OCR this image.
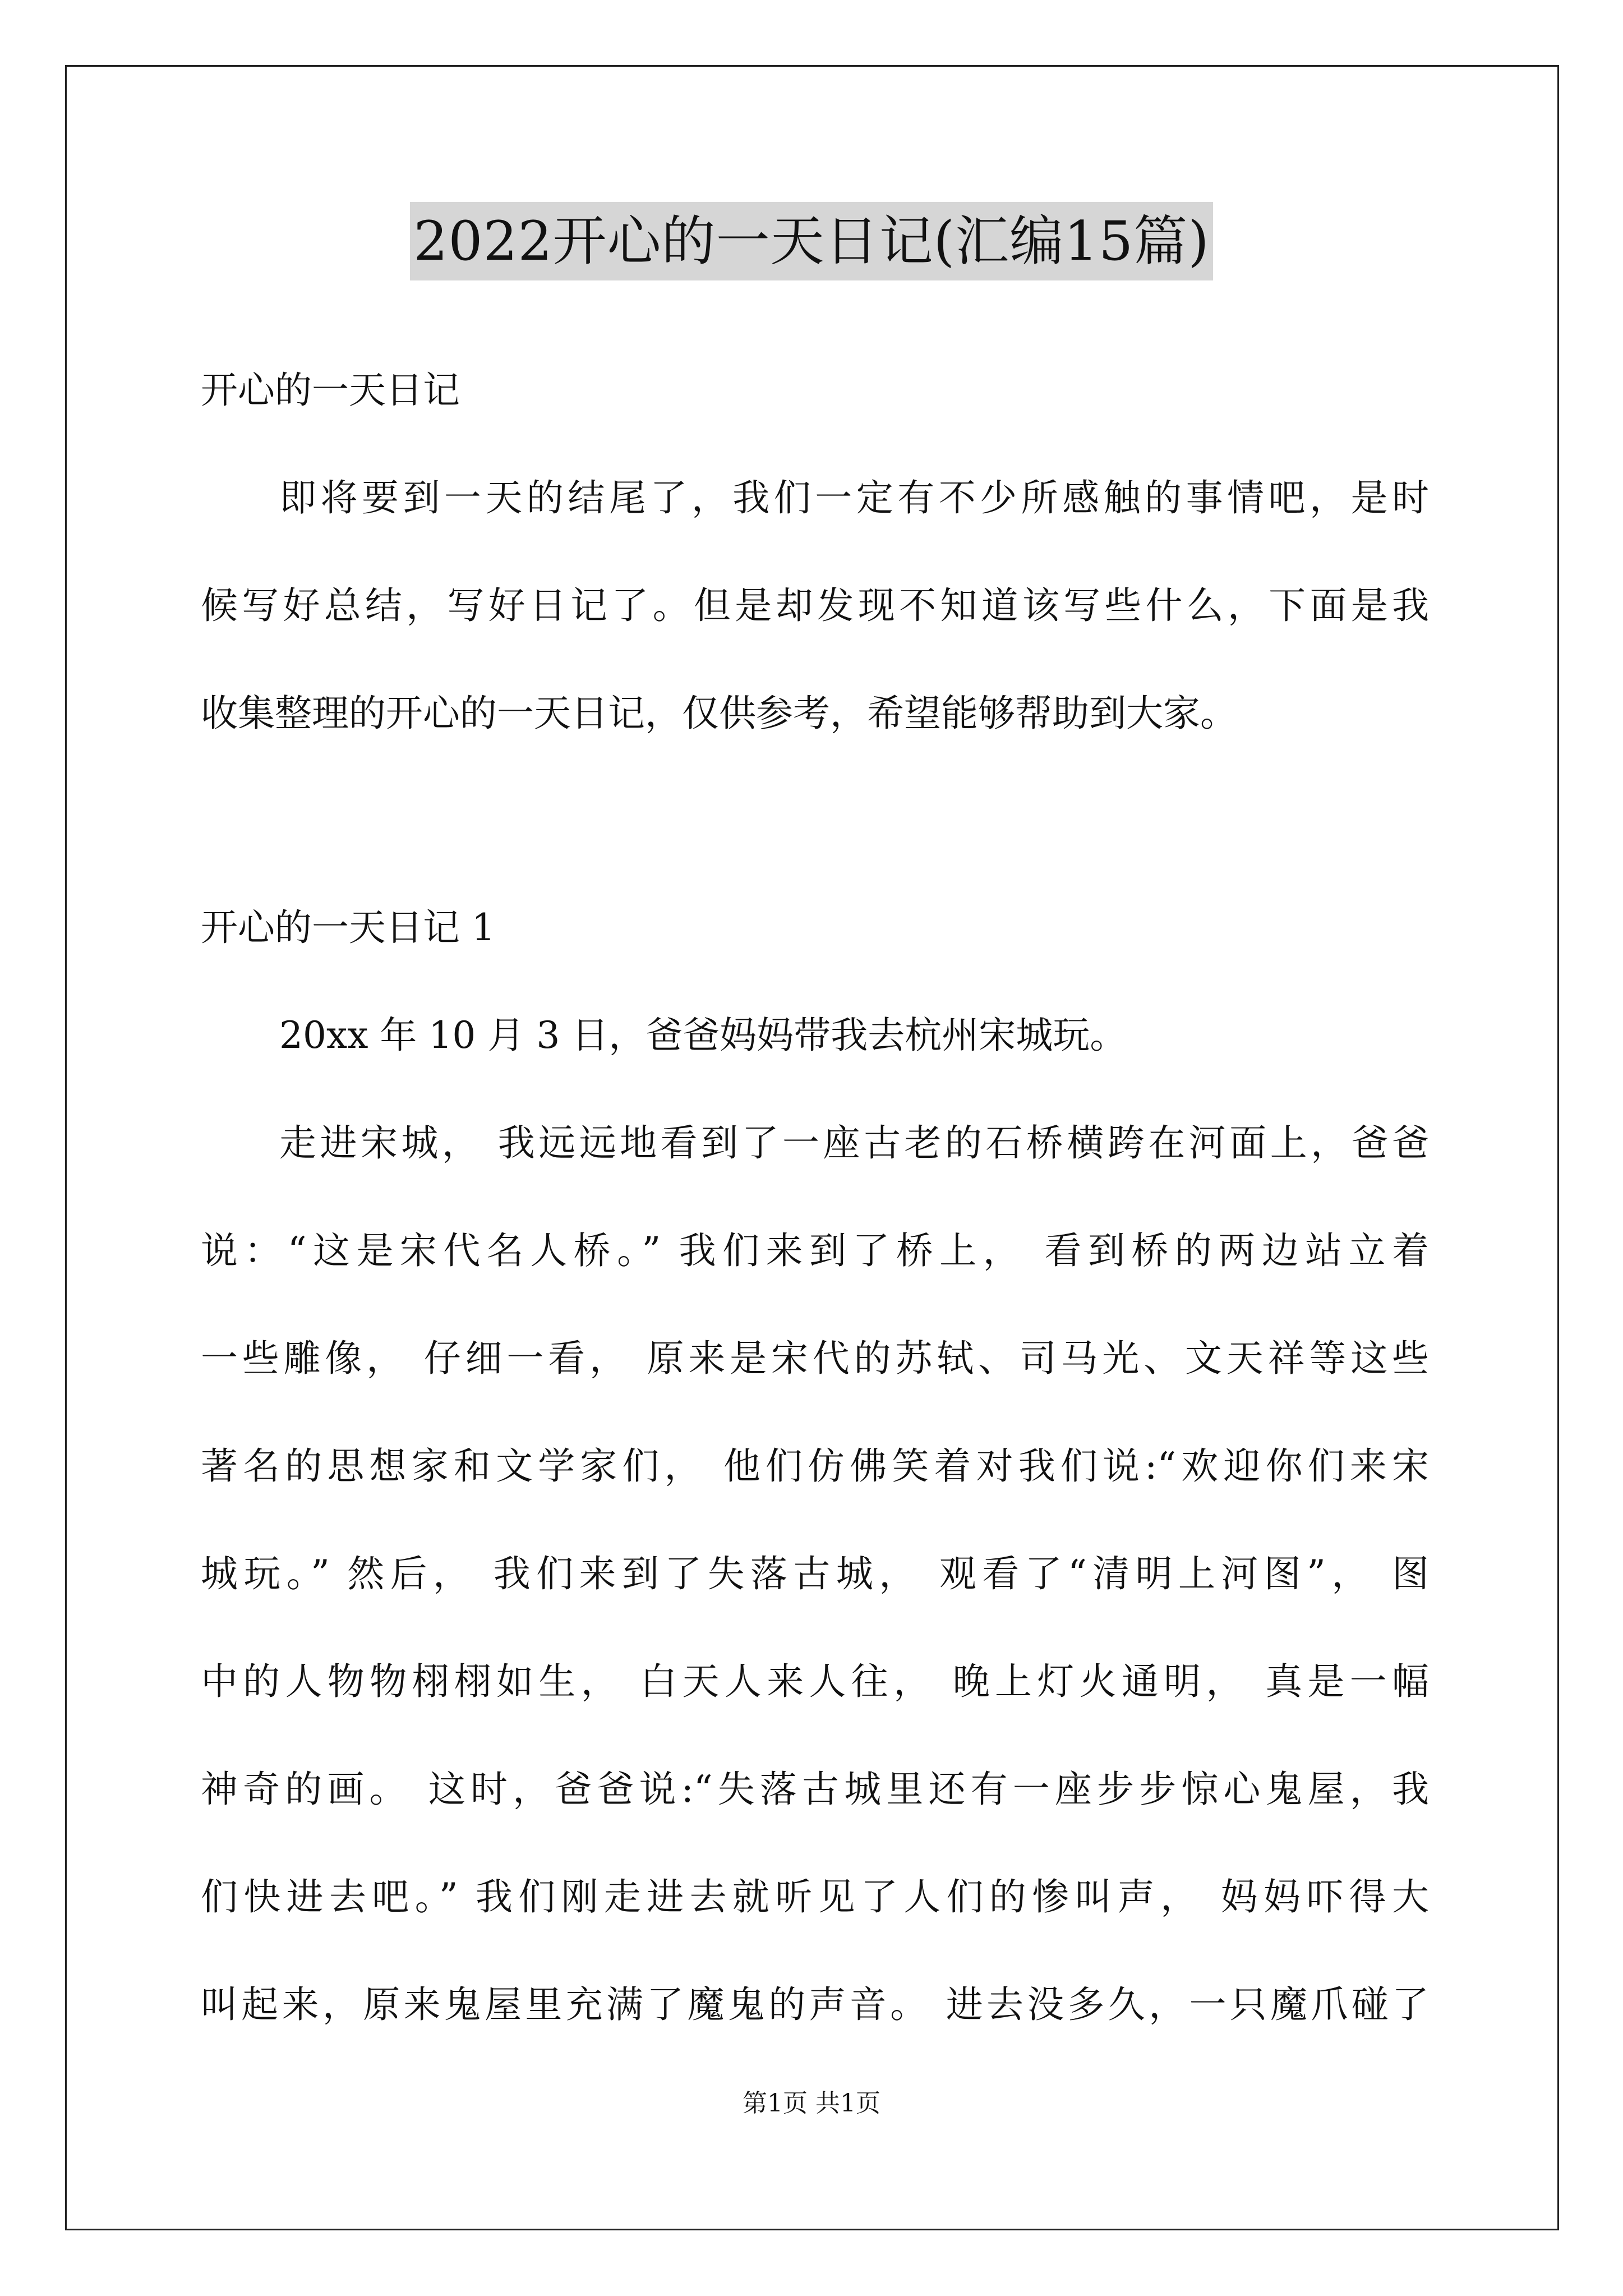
2022开心的一天日记(汇编15篇)
开心的一天日记
即将要到一天的结尾了，我们一定有不少所感触的事情吧，是时
候写好总结，写好日记了。但是却发现不知道该写些什么，下面是我
收集整理的开心的一天日记，仅供参考，希望能够帮助到大家。
开心的一天日记 1
20xx 年 10 月 3 日，爸爸妈妈带我去杭州宋城玩。
走进宋城， 我远远地看到了一座古老的石桥横跨在河面上，爸爸
说：“这是宋代名人桥。” 我们来到了桥上， 看到桥的两边站立着
一些雕像， 仔细一看， 原来是宋代的苏轼、司马光、文天祥等这些
著名的思想家和文学家们， 他们仿佛笑着对我们说:“欢迎你们来宋
城玩。” 然后， 我们来到了失落古城， 观看了“清明上河图”， 图
中的人物物栩栩如生， 白天人来人往， 晚上灯火通明， 真是一幅
神奇的画。 这时，爸爸说:“失落古城里还有一座步步惊心鬼屋，我
们快进去吧。” 我们刚走进去就听见了人们的惨叫声， 妈妈吓得大
叫起来，原来鬼屋里充满了魔鬼的声音。 进去没多久，一只魔爪碰了
第1页 共1页
